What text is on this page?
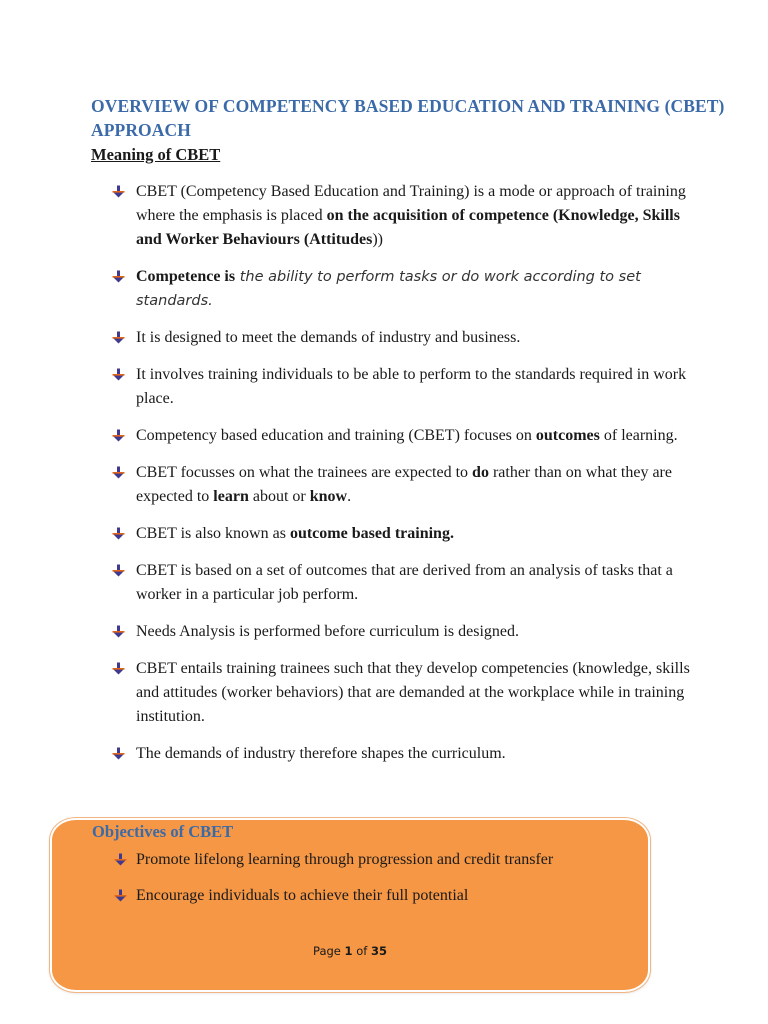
OVERVIEW OF COMPETENCY BASED EDUCATION AND TRAINING (CBET) APPROACH
Meaning of CBET
CBET (Competency Based Education and Training) is a mode or approach of training where the emphasis is placed on the acquisition of competence (Knowledge, Skills and Worker Behaviours (Attitudes))
Competence is the ability to perform tasks or do work according to set standards.
It is designed to meet the demands of industry and business.
It involves training individuals to be able to perform to the standards required in work place.
Competency based education and training (CBET) focuses on outcomes of learning.
CBET focusses on what the trainees are expected to do rather than on what they are expected to learn about or know.
CBET is also known as outcome based training.
CBET is based on a set of outcomes that are derived from an analysis of tasks that a worker in a particular job perform.
Needs Analysis is performed before curriculum is designed.
CBET entails training trainees such that they develop competencies (knowledge, skills and attitudes (worker behaviors) that are demanded at the workplace while in training institution.
The demands of industry therefore shapes the curriculum.
Objectives of CBET
Promote lifelong learning through progression and credit transfer
Encourage individuals to achieve their full potential
Page 1 of 35
